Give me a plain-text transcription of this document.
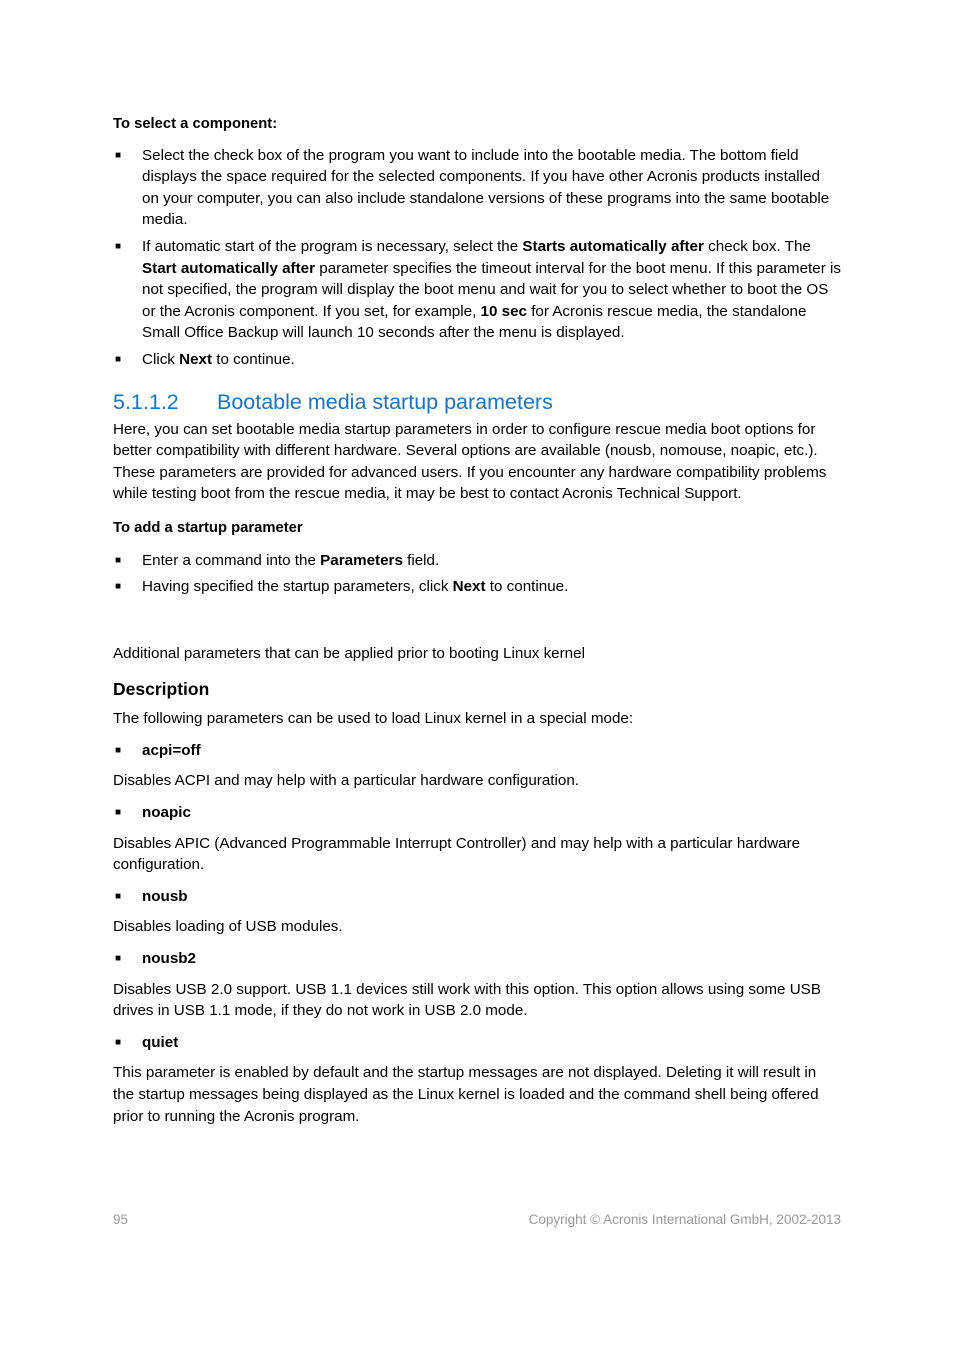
To select a component:

■ Select the check box of the program you want to include into the bootable media. The bottom field displays the space required for the selected components. If you have other Acronis products installed on your computer, you can also include standalone versions of these programs into the same bootable media.
■ If automatic start of the program is necessary, select the Starts automatically after check box. The Start automatically after parameter specifies the timeout interval for the boot menu. If this parameter is not specified, the program will display the boot menu and wait for you to select whether to boot the OS or the Acronis component. If you set, for example, 10 sec for Acronis rescue media, the standalone Small Office Backup will launch 10 seconds after the menu is displayed.
■ Click Next to continue.
5.1.1.2 Bootable media startup parameters

Here, you can set bootable media startup parameters in order to configure rescue media boot options for better compatibility with different hardware. Several options are available (nousb, nomouse, noapic, etc.). These parameters are provided for advanced users. If you encounter any hardware compatibility problems while testing boot from the rescue media, it may be best to contact Acronis Technical Support.

To add a startup parameter

■ Enter a command into the Parameters field.
■ Having specified the startup parameters, click Next to continue.

Additional parameters that can be applied prior to booting Linux kernel

Description

The following parameters can be used to load Linux kernel in a special mode:

■ acpi=off

Disables ACPI and may help with a particular hardware configuration.

■ noapic

Disables APIC (Advanced Programmable Interrupt Controller) and may help with a particular hardware configuration.

■ nousb

Disables loading of USB modules.

■ nousb2

Disables USB 2.0 support. USB 1.1 devices still work with this option. This option allows using some USB drives in USB 1.1 mode, if they do not work in USB 2.0 mode.

■ quiet

This parameter is enabled by default and the startup messages are not displayed. Deleting it will result in the startup messages being displayed as the Linux kernel is loaded and the command shell being offered prior to running the Acronis program.

95	Copyright © Acronis International GmbH, 2002-2013
